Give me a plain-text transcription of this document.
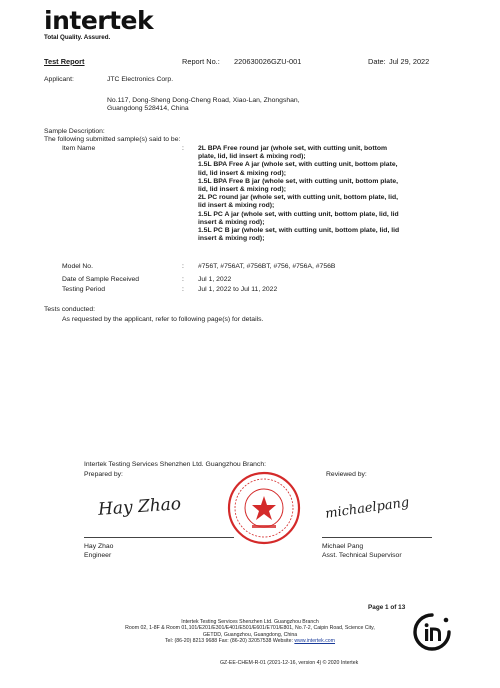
intertek
Total Quality. Assured.
Test Report	Report No.: 220630026GZU-001	Date: Jul 29, 2022
Applicant:	JTC Electronics Corp.
No.117, Dong-Sheng Dong-Cheng Road, Xiao-Lan, Zhongshan,
Guangdong 528414, China
Sample Description:
The following submitted sample(s) said to be:
Item Name	: 2L BPA Free round jar (whole set, with cutting unit, bottom
plate, lid, lid insert & mixing rod);
1.5L BPA Free A jar (whole set, with cutting unit, bottom plate,
lid, lid insert & mixing rod);
1.5L BPA Free B jar (whole set, with cutting unit, bottom plate,
lid, lid insert & mixing rod);
2L PC round jar (whole set, with cutting unit, bottom plate, lid,
lid insert & mixing rod);
1.5L PC A jar (whole set, with cutting unit, bottom plate, lid, lid
insert & mixing rod);
1.5L PC B jar (whole set, with cutting unit, bottom plate, lid, lid
insert & mixing rod);
Model No.	: #756T, #756AT, #756BT, #756, #756A, #756B
Date of Sample Received	: Jul 1, 2022
Testing Period	: Jul 1, 2022 to Jul 11, 2022
Tests conducted:
As requested by the applicant, refer to following page(s) for details.
Intertek Testing Services Shenzhen Ltd. Guangzhou Branch:
Prepared by:	Reviewed by:
Hay Zhao	michaelpang
Hay Zhao
Engineer
Michael Pang
Asst. Technical Supervisor
Page 1 of 13
Intertek Testing Services Shenzhen Ltd. Guangzhou Branch
Room 02, 1-8F & Room 01,101/E201/E301/E401/E501/E601/E701/E801, No.7-2, Caipin Road, Science City,
GETDD, Guangzhou, Guangdong, China
Tel: (86-20) 8213 9688 Fax: (86-20) 32057538 Website: www.intertek.com
GZ-EE-CHEM-R-01 (2021-12-16, version 4) © 2020 Intertek
